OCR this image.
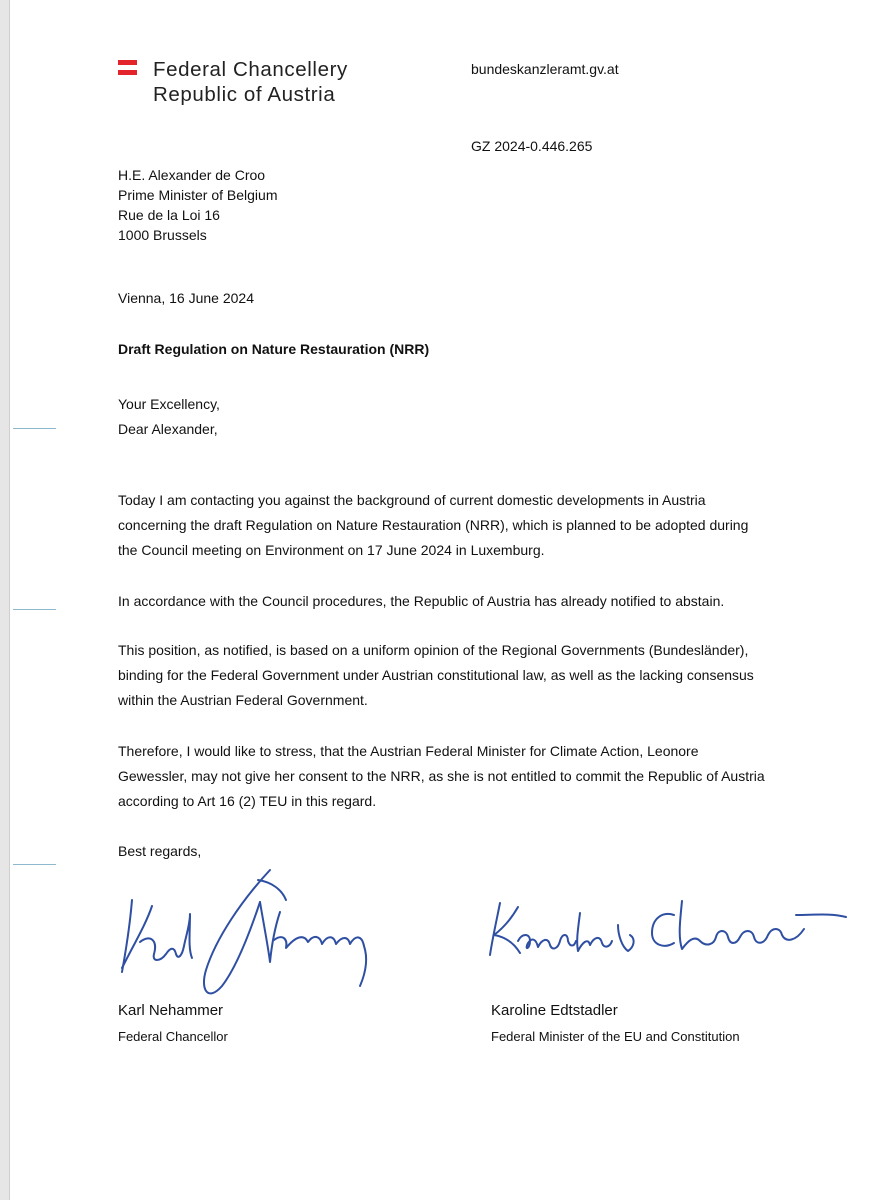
Federal Chancellery
Republic of Austria
bundeskanzleramt.gv.at
GZ 2024-0.446.265
H.E. Alexander de Croo
Prime Minister of Belgium
Rue de la Loi 16
1000 Brussels
Vienna, 16 June 2024
Draft Regulation on Nature Restauration (NRR)
Your Excellency,
Dear Alexander,

Today I am contacting you against the background of current domestic developments in Austria concerning the draft Regulation on Nature Restauration (NRR), which is planned to be adopted during the Council meeting on Environment on 17 June 2024 in Luxemburg.

In accordance with the Council procedures, the Republic of Austria has already notified to abstain.

This position, as notified, is based on a uniform opinion of the Regional Governments (Bundesländer), binding for the Federal Government under Austrian constitutional law, as well as the lacking consensus within the Austrian Federal Government.

Therefore, I would like to stress, that the Austrian Federal Minister for Climate Action, Leonore Gewessler, may not give her consent to the NRR, as she is not entitled to commit the Republic of Austria according to Art 16 (2) TEU in this regard.

Best regards,
Karl Nehammer
Federal Chancellor
Karoline Edtstadler
Federal Minister of the EU and Constitution
